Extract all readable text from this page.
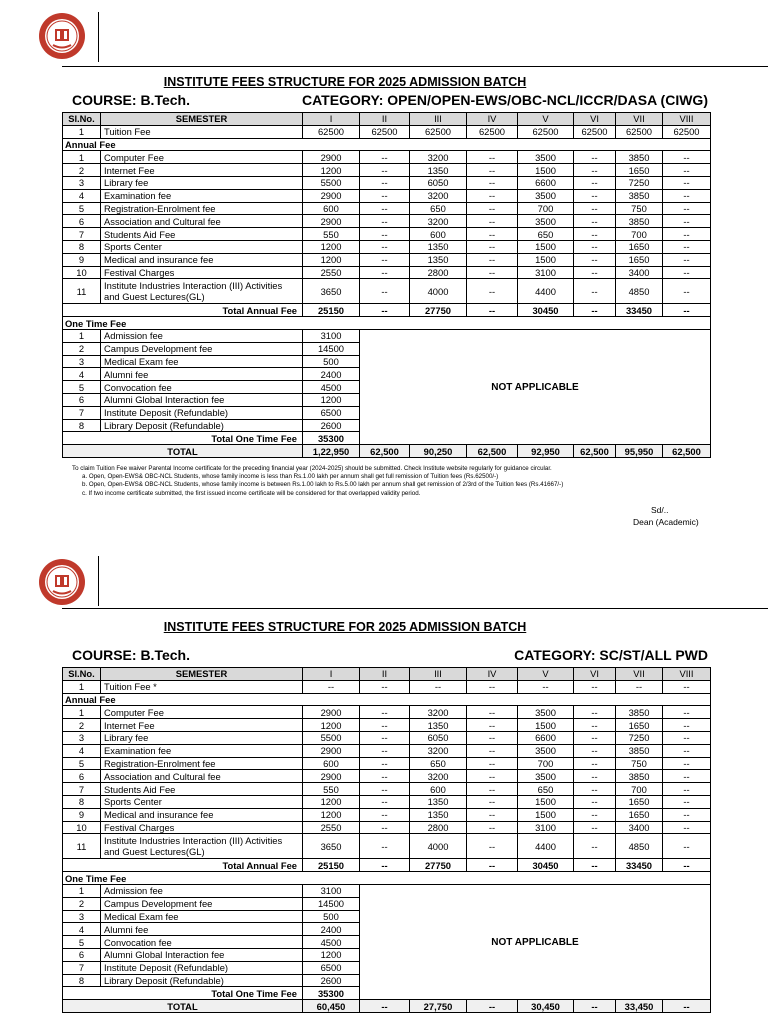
INSTITUTE FEES STRUCTURE FOR 2025 ADMISSION BATCH
COURSE: B.Tech.	CATEGORY: OPEN/OPEN-EWS/OBC-NCL/ICCR/DASA (CIWG)
Sl.No.	SEMESTER	I	II	III	IV	V	VI	VII	VIII
1	Tuition Fee	62500	62500	62500	62500	62500	62500	62500	62500
Annual Fee									
1	Computer Fee	2900	--	3200	--	3500	--	3850	--
2	Internet Fee	1200	--	1350	--	1500	--	1650	--
3	Library fee	5500	--	6050	--	6600	--	7250	--
4	Examination fee	2900	--	3200	--	3500	--	3850	--
5	Registration-Enrolment fee	600	--	650	--	700	--	750	--
6	Association and Cultural fee	2900	--	3200	--	3500	--	3850	--
7	Students Aid Fee	550	--	600	--	650	--	700	--
8	Sports Center	1200	--	1350	--	1500	--	1650	--
9	Medical and insurance fee	1200	--	1350	--	1500	--	1650	--
10	Festival Charges	2550	--	2800	--	3100	--	3400	--
11	Institute Industries Interaction (III) Activities and Guest Lectures(GL)	3650	--	4000	--	4400	--	4850	--
Total Annual Fee		25150	--	27750	--	30450	--	33450	--
One Time Fee									
1	Admission fee	3100	NOT APPLICABLE						
2	Campus Development fee	14500							
3	Medical Exam fee	500							
4	Alumni fee	2400							
5	Convocation fee	4500							
6	Alumni Global Interaction fee	1200							
7	Institute Deposit (Refundable)	6500							
8	Library Deposit (Refundable)	2600							
Total One Time Fee		35300							
TOTAL		1,22,950	62,500	90,250	62,500	92,950	62,500	95,950	62,500
To claim Tuition Fee waiver Parental Income certificate for the preceding financial year (2024-2025) should be submitted. Check Institute website regularly for guidance circular.
a. Open, Open-EWS& OBC-NCL Students, whose family income is less than Rs.1.00 lakh per annum shall get full remission of Tuition fees (Rs.62500/-)
b. Open, Open-EWS& OBC-NCL Students, whose family income is between Rs.1.00 lakh to Rs.5.00 lakh per annum shall get remission of 2/3rd of the Tuition fees (Rs.41667/-)
c. If two income certificate submitted, the first issued income certificate will be considered for that overlapped validity period.
Sd/..
Dean (Academic)
INSTITUTE FEES STRUCTURE FOR 2025 ADMISSION BATCH
COURSE: B.Tech.	CATEGORY: SC/ST/ALL PWD
Sl.No.	SEMESTER	I	II	III	IV	V	VI	VII	VIII
1	Tuition Fee *	--	--	--	--	--	--	--	--
Annual Fee									
1	Computer Fee	2900	--	3200	--	3500	--	3850	--
2	Internet Fee	1200	--	1350	--	1500	--	1650	--
3	Library fee	5500	--	6050	--	6600	--	7250	--
4	Examination fee	2900	--	3200	--	3500	--	3850	--
5	Registration-Enrolment fee	600	--	650	--	700	--	750	--
6	Association and Cultural fee	2900	--	3200	--	3500	--	3850	--
7	Students Aid Fee	550	--	600	--	650	--	700	--
8	Sports Center	1200	--	1350	--	1500	--	1650	--
9	Medical and insurance fee	1200	--	1350	--	1500	--	1650	--
10	Festival Charges	2550	--	2800	--	3100	--	3400	--
11	Institute Industries Interaction (III) Activities and Guest Lectures(GL)	3650	--	4000	--	4400	--	4850	--
Total Annual Fee		25150	--	27750	--	30450	--	33450	--
One Time Fee									
1	Admission fee	3100	NOT APPLICABLE						
2	Campus Development fee	14500							
3	Medical Exam fee	500							
4	Alumni fee	2400							
5	Convocation fee	4500							
6	Alumni Global Interaction fee	1200							
7	Institute Deposit (Refundable)	6500							
8	Library Deposit (Refundable)	2600							
Total One Time Fee		35300							
TOTAL		60,450	--	27,750	--	30,450	--	33,450	--
